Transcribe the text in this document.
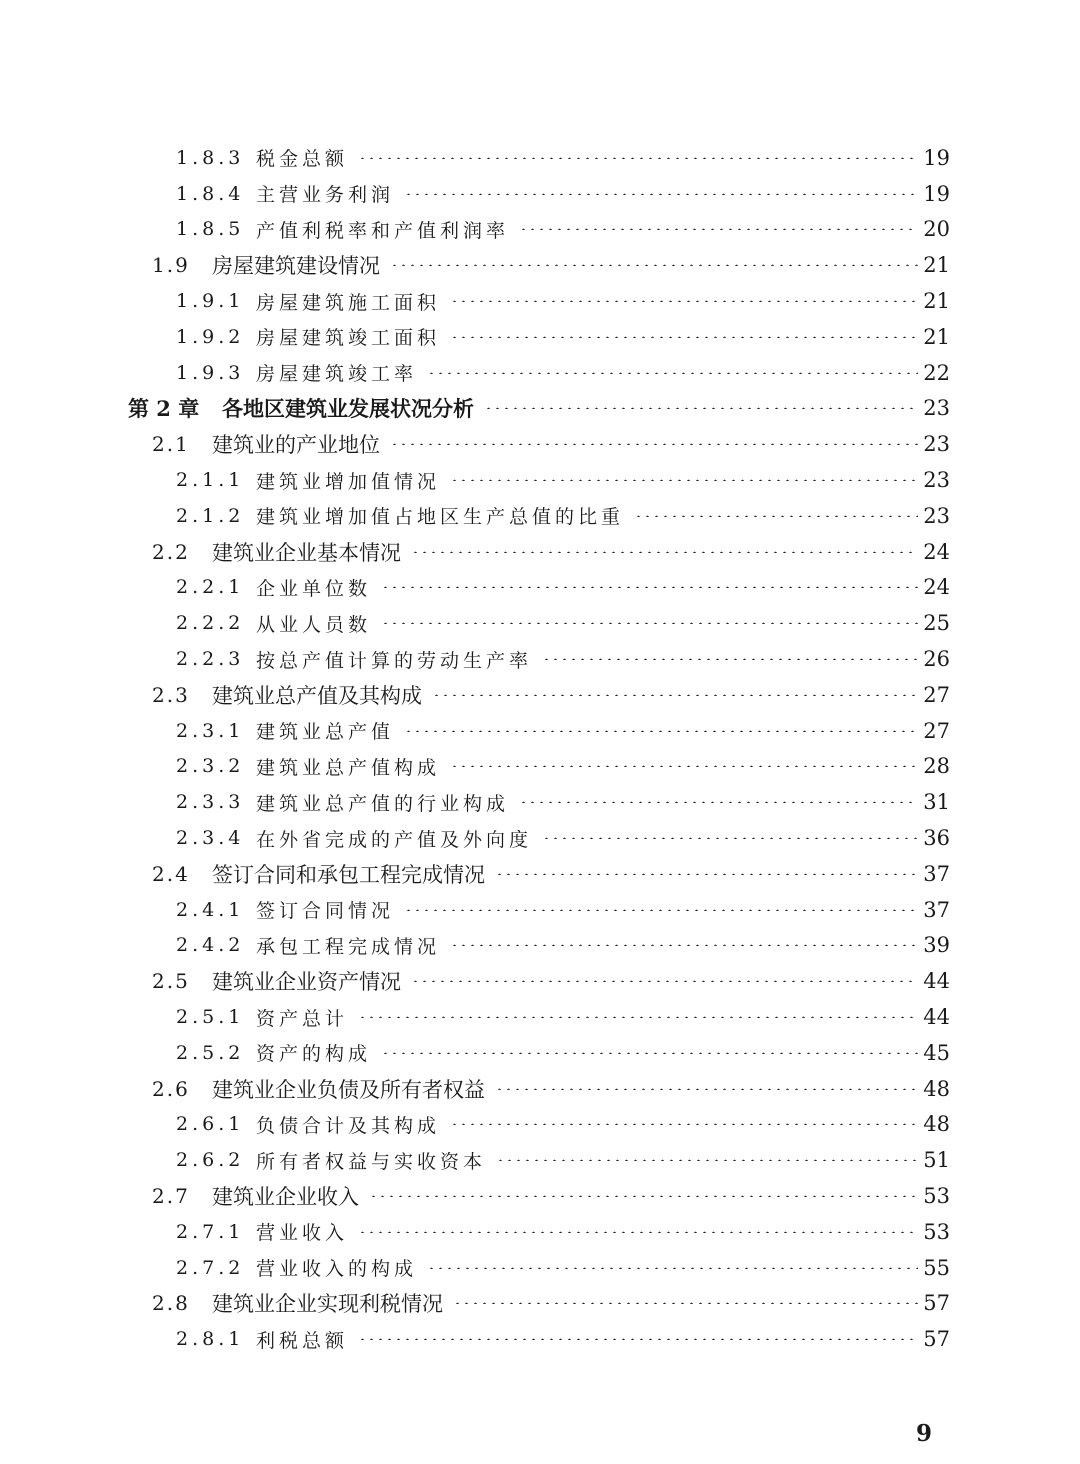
1.8.3 税金总额	19
1.8.4 主营业务利润	19
1.8.5 产值利税率和产值利润率	20
1.9 房屋建筑建设情况	21
1.9.1 房屋建筑施工面积	21
1.9.2 房屋建筑竣工面积	21
1.9.3 房屋建筑竣工率	22
第 2 章 各地区建筑业发展状况分析	23
2.1 建筑业的产业地位	23
2.1.1 建筑业增加值情况	23
2.1.2 建筑业增加值占地区生产总值的比重	23
2.2 建筑业企业基本情况	24
2.2.1 企业单位数	24
2.2.2 从业人员数	25
2.2.3 按总产值计算的劳动生产率	26
2.3 建筑业总产值及其构成	27
2.3.1 建筑业总产值	27
2.3.2 建筑业总产值构成	28
2.3.3 建筑业总产值的行业构成	31
2.3.4 在外省完成的产值及外向度	36
2.4 签订合同和承包工程完成情况	37
2.4.1 签订合同情况	37
2.4.2 承包工程完成情况	39
2.5 建筑业企业资产情况	44
2.5.1 资产总计	44
2.5.2 资产的构成	45
2.6 建筑业企业负债及所有者权益	48
2.6.1 负债合计及其构成	48
2.6.2 所有者权益与实收资本	51
2.7 建筑业企业收入	53
2.7.1 营业收入	53
2.7.2 营业收入的构成	55
2.8 建筑业企业实现利税情况	57
2.8.1 利税总额	57
9
